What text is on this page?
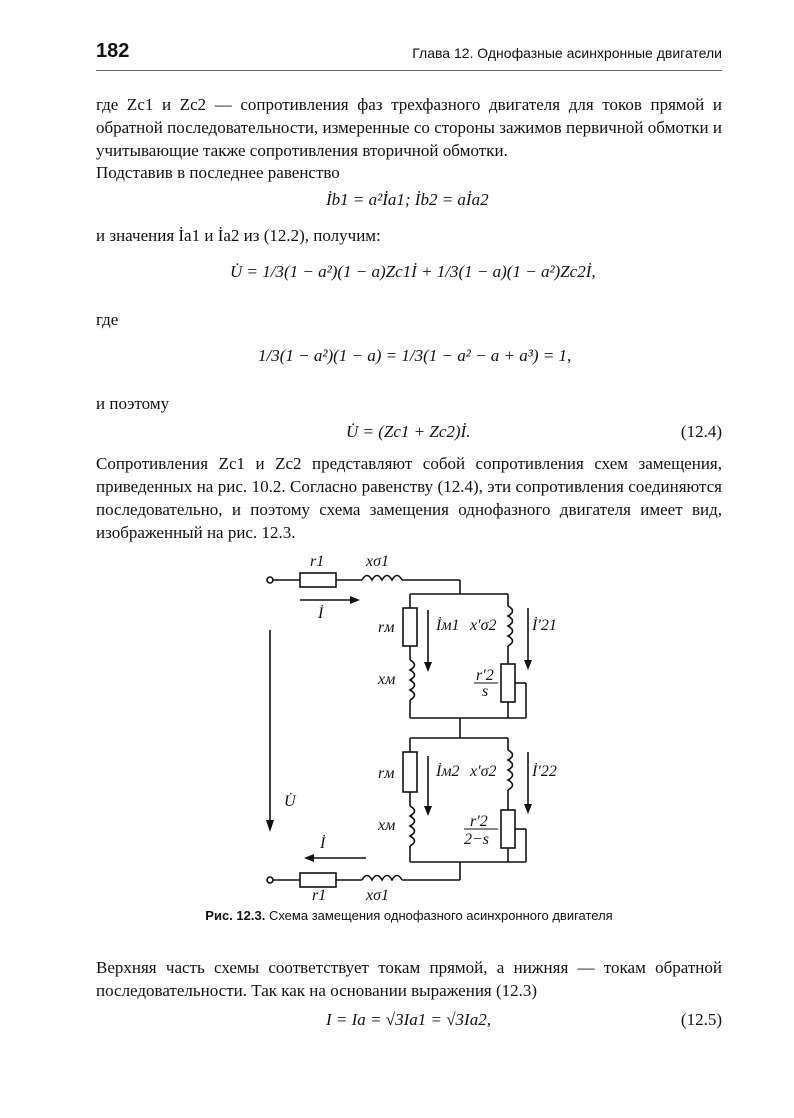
182	Глава 12. Однофазные асинхронные двигатели

где Zc1 и Zc2 — сопротивления фаз трехфазного двигателя для токов прямой и обратной последовательности, измеренные со стороны зажимов первичной обмотки и учитывающие также сопротивления вторичной обмотки.

Подставив в последнее равенство

İb1 = a²İa1; İb2 = aİa2

и значения İa1 и İa2 из (12.2), получим:

U̇ = 1/3(1 − a²)(1 − a)Zc1İ + 1/3(1 − a)(1 − a²)Zc2İ,

где

1/3(1 − a²)(1 − a) = 1/3(1 − a² − a + a³) = 1,

и поэтому

U̇ = (Zc1 + Zc2)İ.	(12.4)

Сопротивления Zc1 и Zc2 представляют собой сопротивления схем замещения, приведенных на рис. 10.2. Согласно равенству (12.4), эти сопротивления соединяются последовательно, и поэтому схема замещения однофазного двигателя имеет вид, изображенный на рис. 12.3.

r1	xσ1
İ
rм	İм1 x′σ2 İ′21
xм	r′2
s
U̇
rм	İм2 x′σ2 İ′22
xм	r′2
2−s
İ
r1 xσ1
Рис. 12.3. Схема замещения однофазного асинхронного двигателя

Верхняя часть схемы соответствует токам прямой, а нижняя — токам обратной последовательности. Так как на основании выражения (12.3)

I = Ia = √3Ia1 = √3Ia2,	(12.5)
